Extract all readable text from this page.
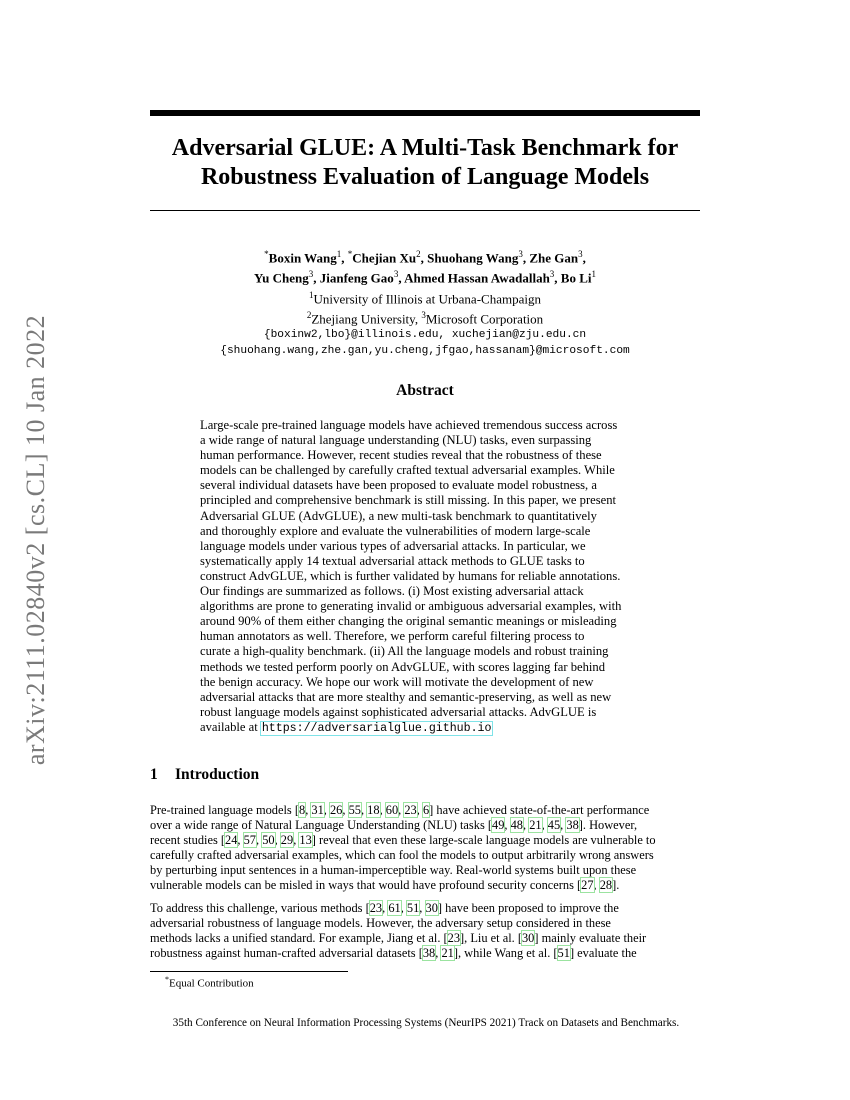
arXiv:2111.02840v2 [cs.CL] 10 Jan 2022
Adversarial GLUE: A Multi-Task Benchmark for
Robustness Evaluation of Language Models
*Boxin Wang$^1$, *Chejian Xu$^2$, Shuohang Wang$^3$, Zhe Gan$^3$,
Yu Cheng$^3$, Jianfeng Gao$^3$, Ahmed Hassan Awadallah$^3$, Bo Li$^1$
$^1$University of Illinois at Urbana-Champaign
$^2$Zhejiang University, $^3$Microsoft Corporation
{boxinw2,lbo}@illinois.edu, xuchejian@zju.edu.cn
{shuohang.wang,zhe.gan,yu.cheng,jfgao,hassanam}@microsoft.com
Abstract
Large-scale pre-trained language models have achieved tremendous success across
a wide range of natural language understanding (NLU) tasks, even surpassing
human performance. However, recent studies reveal that the robustness of these
models can be challenged by carefully crafted textual adversarial examples. While
several individual datasets have been proposed to evaluate model robustness, a
principled and comprehensive benchmark is still missing. In this paper, we present
Adversarial GLUE (AdvGLUE), a new multi-task benchmark to quantitatively
and thoroughly explore and evaluate the vulnerabilities of modern large-scale
language models under various types of adversarial attacks. In particular, we
systematically apply 14 textual adversarial attack methods to GLUE tasks to
construct AdvGLUE, which is further validated by humans for reliable annotations.
Our findings are summarized as follows. (i) Most existing adversarial attack
algorithms are prone to generating invalid or ambiguous adversarial examples, with
around 90% of them either changing the original semantic meanings or misleading
human annotators as well. Therefore, we perform careful filtering process to
curate a high-quality benchmark. (ii) All the language models and robust training
methods we tested perform poorly on AdvGLUE, with scores lagging far behind
the benign accuracy. We hope our work will motivate the development of new
adversarial attacks that are more stealthy and semantic-preserving, as well as new
robust language models against sophisticated adversarial attacks. AdvGLUE is
available at https://adversarialglue.github.io
1 Introduction
Pre-trained language models [8, 31, 26, 55, 18, 60, 23, 6] have achieved state-of-the-art performance
over a wide range of Natural Language Understanding (NLU) tasks [49, 48, 21, 45, 38]. However,
recent studies [24, 57, 50, 29, 13] reveal that even these large-scale language models are vulnerable to
carefully crafted adversarial examples, which can fool the models to output arbitrarily wrong answers
by perturbing input sentences in a human-imperceptible way. Real-world systems built upon these
vulnerable models can be misled in ways that would have profound security concerns [27, 28].
To address this challenge, various methods [23, 61, 51, 30] have been proposed to improve the
adversarial robustness of language models. However, the adversary setup considered in these
methods lacks a unified standard. For example, Jiang et al. [23], Liu et al. [30] mainly evaluate their
robustness against human-crafted adversarial datasets [38, 21], while Wang et al. [51] evaluate the
*Equal Contribution
35th Conference on Neural Information Processing Systems (NeurIPS 2021) Track on Datasets and Benchmarks.
